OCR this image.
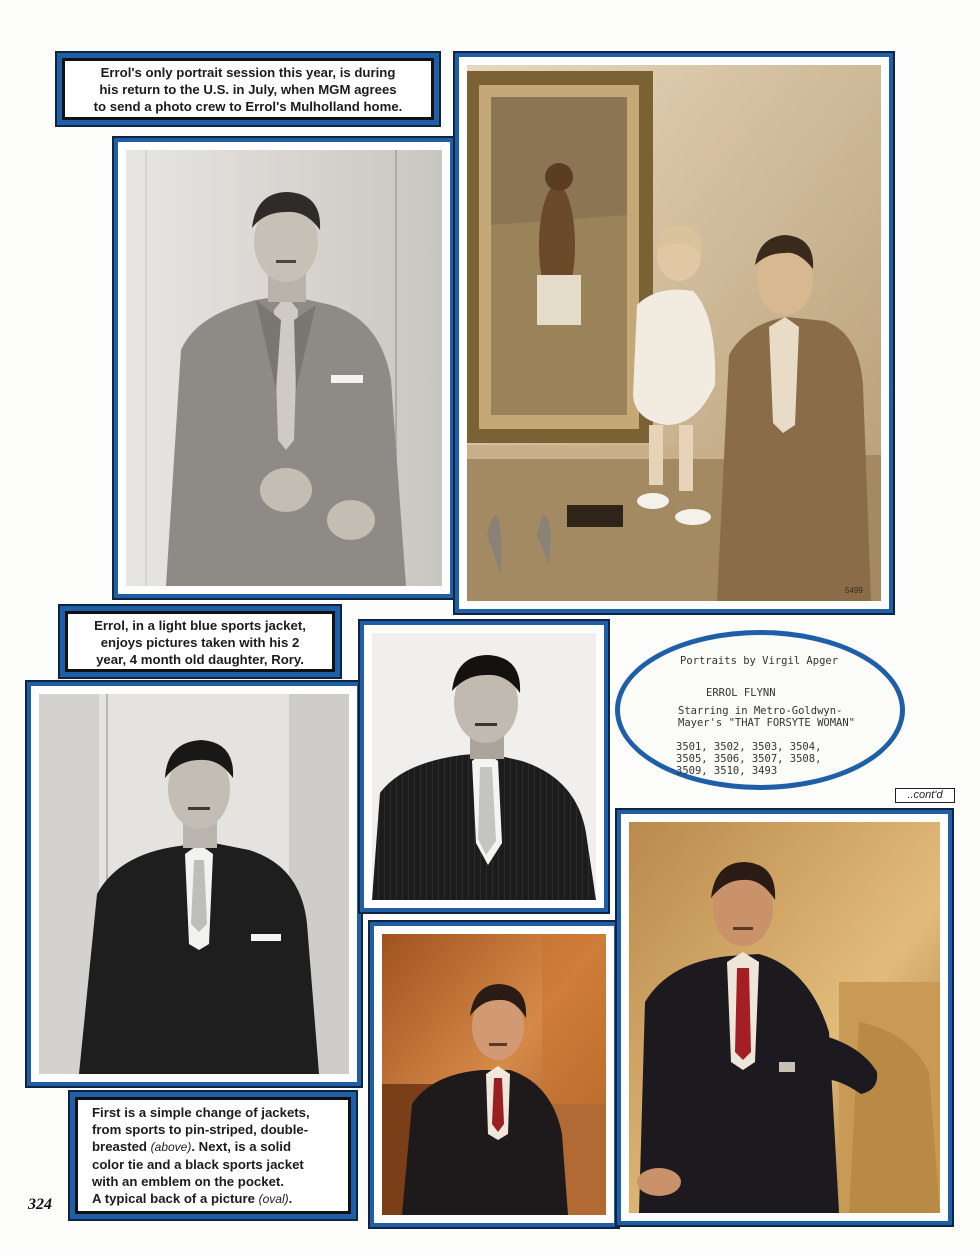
Errol's only portrait session this year, is during
his return to the U.S. in July, when MGM agrees
to send a photo crew to Errol's Mulholland home.
5499
Errol, in a light blue sports jacket,
enjoys pictures taken with his 2
year, 4 month old daughter, Rory.	Portraits by Virgil Apger
ERROL FLYNN
Starring in Metro-Goldwyn-
Mayer's "THAT FORSYTE WOMAN"
3501, 3502, 3503, 3504,
3505, 3506, 3507, 3508,
3509, 3510, 3493
..cont'd
First is a simple change of jackets,
from sports to pin-striped, double-
breasted (above). Next, is a solid
color tie and a black sports jacket
with an emblem on the pocket.
A typical back of a picture (oval).
324
